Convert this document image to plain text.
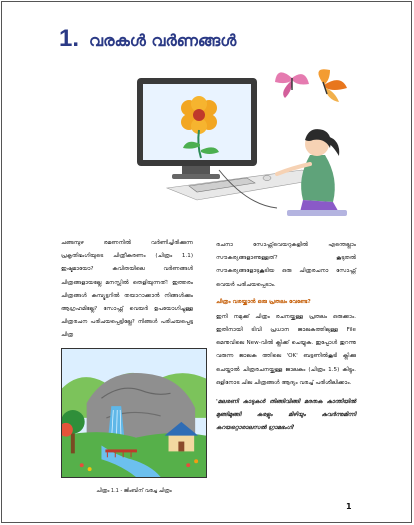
1. വരകൾ വർണങ്ങൾ

ചങ്ങമ്പുഴ രമണനിൽ വർണിച്ചിരിക്കുന്ന പ്രകൃതിഭംഗിയുടെ ചിത്രീകരണം (ചിത്രം 1.1) ഇഷ്ടമായോ? കവിതയിലെ വർണങ്ങൾ ചിത്രങ്ങളായല്ലേ മനസ്സിൽ തെളിയുന്നത്! ഇത്തരം ചിത്രങ്ങൾ കമ്പ്യൂട്ടറിൽ തയാറാക്കാൻ നിങ്ങൾക്കും ആഗ്രഹമില്ലേ? സോഫ്റ്റ് വെയർ ഉപയോഗിച്ചുള്ള ചിത്രരചന പരിചയപ്പെട്ടില്ലേ? നിങ്ങൾ പരിചയപ്പെട്ട ചിത്ര

രചനാ സോഫ്റ്റ്‌വെയറുകളിൽ എന്തെല്ലാം സൗകര്യങ്ങളാണുള്ളത്? കൂടുതൽ സൗകര്യങ്ങളോടുകൂടിയ ഒരു ചിത്രരചനാ സോഫ്റ്റ് വെയർ പരിചയപ്പെടാം.

ചിത്രം വരയ്ക്കാൻ ഒരു പ്രതലം വേണ്ടേ?

ഇനി നമുക്ക് ചിത്രം രചനയ്ക്കുള്ള പ്രതലം ഒരുക്കാം. ഇതിനായി ടിവി പ്രധാന ജാലകത്തിലുള്ള File മെനുവിലെ New-വിൽ ക്ലിക്ക് ചെയ്യുക. ഇപ്പോൾ തുറന്നു വരുന്ന ജാലക ത്തിലെ 'OK' ബട്ടണിൽകൂടി ക്ലിക്കു ചെയ്താൽ ചിത്രരചനയ്ക്കുള്ള ജാലകം (ചിത്രം 1.5) കിട്ടും. ഒളിനോട ചില ചിത്രങ്ങൾ ആദ്യം വരച്ച് പരിശീലിക്കാം.

'മലരണി കാടുകൾ തിങ്ങിവിങ്ങി മരതക കാന്തിയിൽ മുങ്ങിമുങ്ങി കരളും മിഴിയും കവർന്നുമിന്നി കറയറ്റൊരാലസൽ ഗ്രാമഭംഗി'
ചിത്രം 1.1 - ജിംബിന് വരച്ച ചിത്രം
1
